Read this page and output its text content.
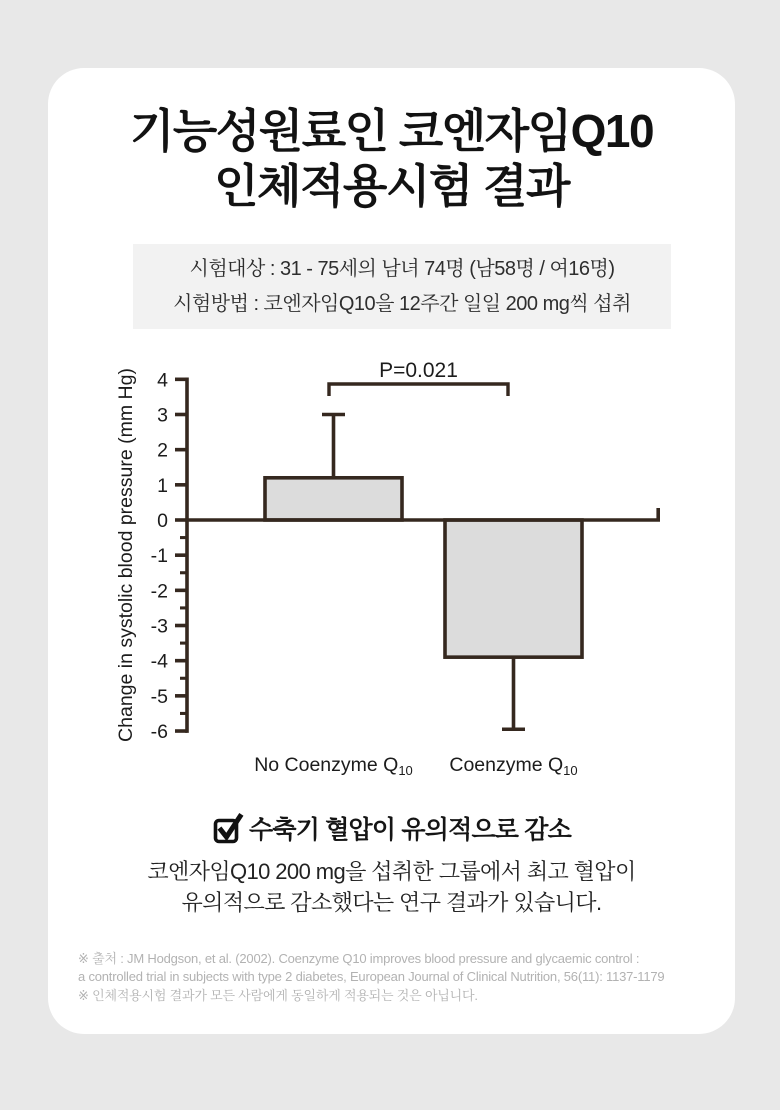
기능성원료인 코엔자임Q10
인체적용시험 결과
시험대상 : 31 - 75세의 남녀 74명 (남58명 / 여16명)
시험방법 : 코엔자임Q10을 12주간 일일 200 mg씩 섭취
-6
-5
-4
-3
-2
-1
0
1
2
3
4	P=0.021
No Coenzyme $Q_{10}$ Coenzyme $Q_{10}$
Change in systolic blood pressure (mm Hg)
수축기 혈압이 유의적으로 감소
코엔자임Q10 200 mg을 섭취한 그룹에서 최고 혈압이
유의적으로 감소했다는 연구 결과가 있습니다.
※ 출처 : JM Hodgson, et al. (2002). Coenzyme Q10 improves blood pressure and glycaemic control :
a controlled trial in subjects with type 2 diabetes, European Journal of Clinical Nutrition, 56(11): 1137-1179
※ 인체적용시험 결과가 모든 사람에게 동일하게 적용되는 것은 아닙니다.
